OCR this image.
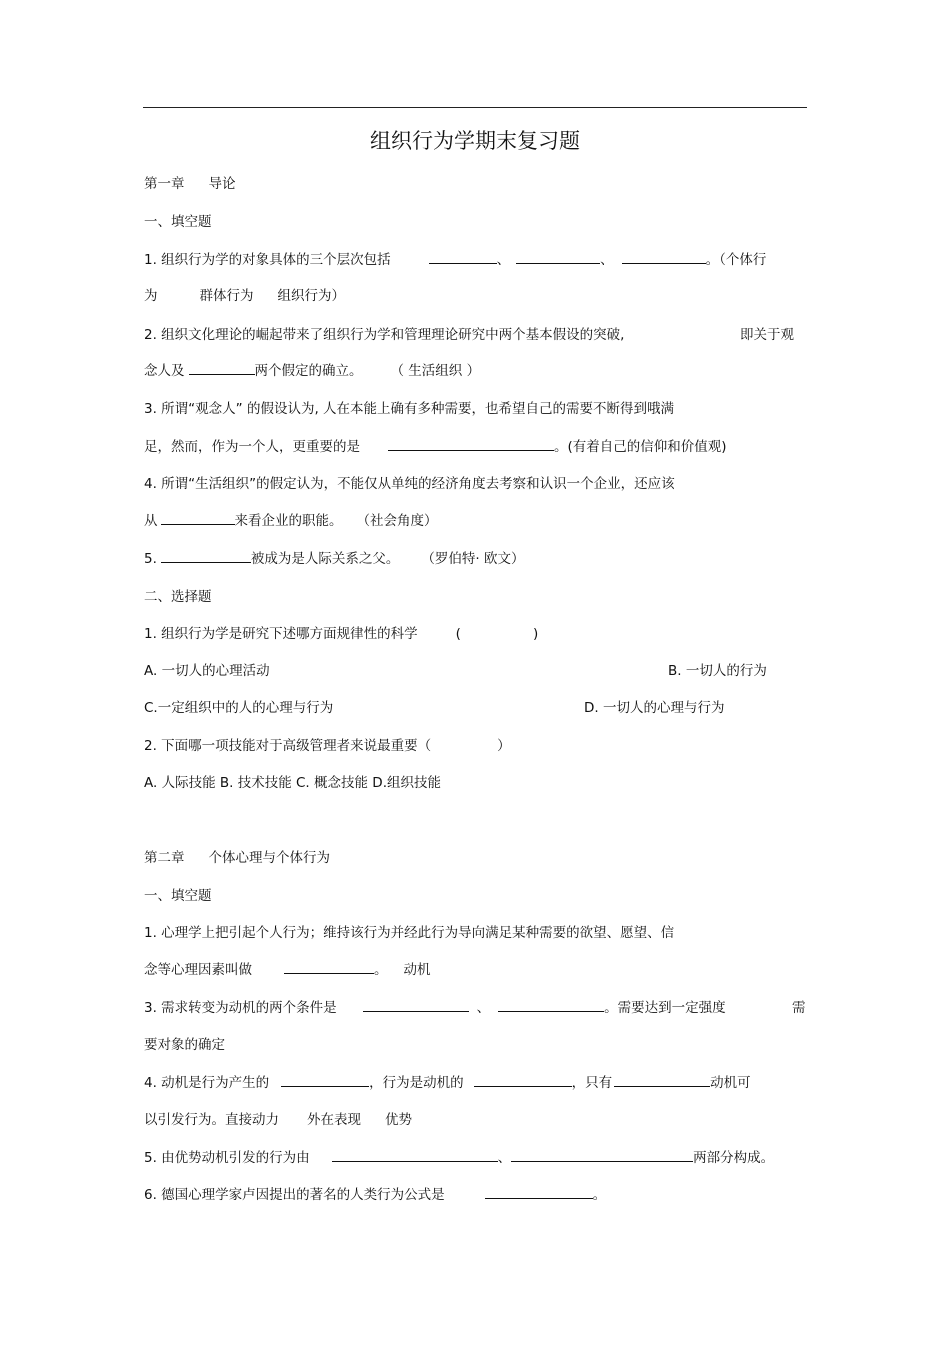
组织行为学期末复习题
第一章 导论
一、填空题
1. 组织行为学的对象具体的三个层次包括	、	、	。（个体行
为	群体行为 组织行为）
2. 组织文化理论的崛起带来了组织行为学和管理理论研究中两个基本假设的突破,	即关于观
念人及	两个假定的确立。 （ 生活组织 ）
3. 所谓“观念人” 的假设认为, 人在本能上确有多种需要，也希望自己的需要不断得到哦满
足，然而，作为一个人，更重要的是	。(有着自己的信仰和价值观)
4. 所谓“生活组织”的假定认为，不能仅从单纯的经济角度去考察和认识一个企业，还应该
从	来看企业的职能。 （社会角度）
5.	被成为是人际关系之父。 （罗伯特· 欧文）
二、选择题
1. 组织行为学是研究下述哪方面规律性的科学	(	)
A. 一切人的心理活动	B. 一切人的行为
C.一定组织中的人的心理与行为	D. 一切人的心理与行为
2. 下面哪一项技能对于高级管理者来说最重要（	）
A. 人际技能 B. 技术技能 C. 概念技能 D.组织技能
第二章 个体心理与个体行为
一、填空题
1. 心理学上把引起个人行为；维持该行为并经此行为导向满足某种需要的欲望、愿望、信
念等心理因素叫做	。 动机
3. 需求转变为动机的两个条件是	、	。需要达到一定强度	需
要对象的确定
4. 动机是行为产生的	，行为是动机的	，只有	动机可
以引发行为。直接动力 外在表现 优势
5. 由优势动机引发的行为由	、	两部分构成。
6. 德国心理学家卢因提出的著名的人类行为公式是	。
